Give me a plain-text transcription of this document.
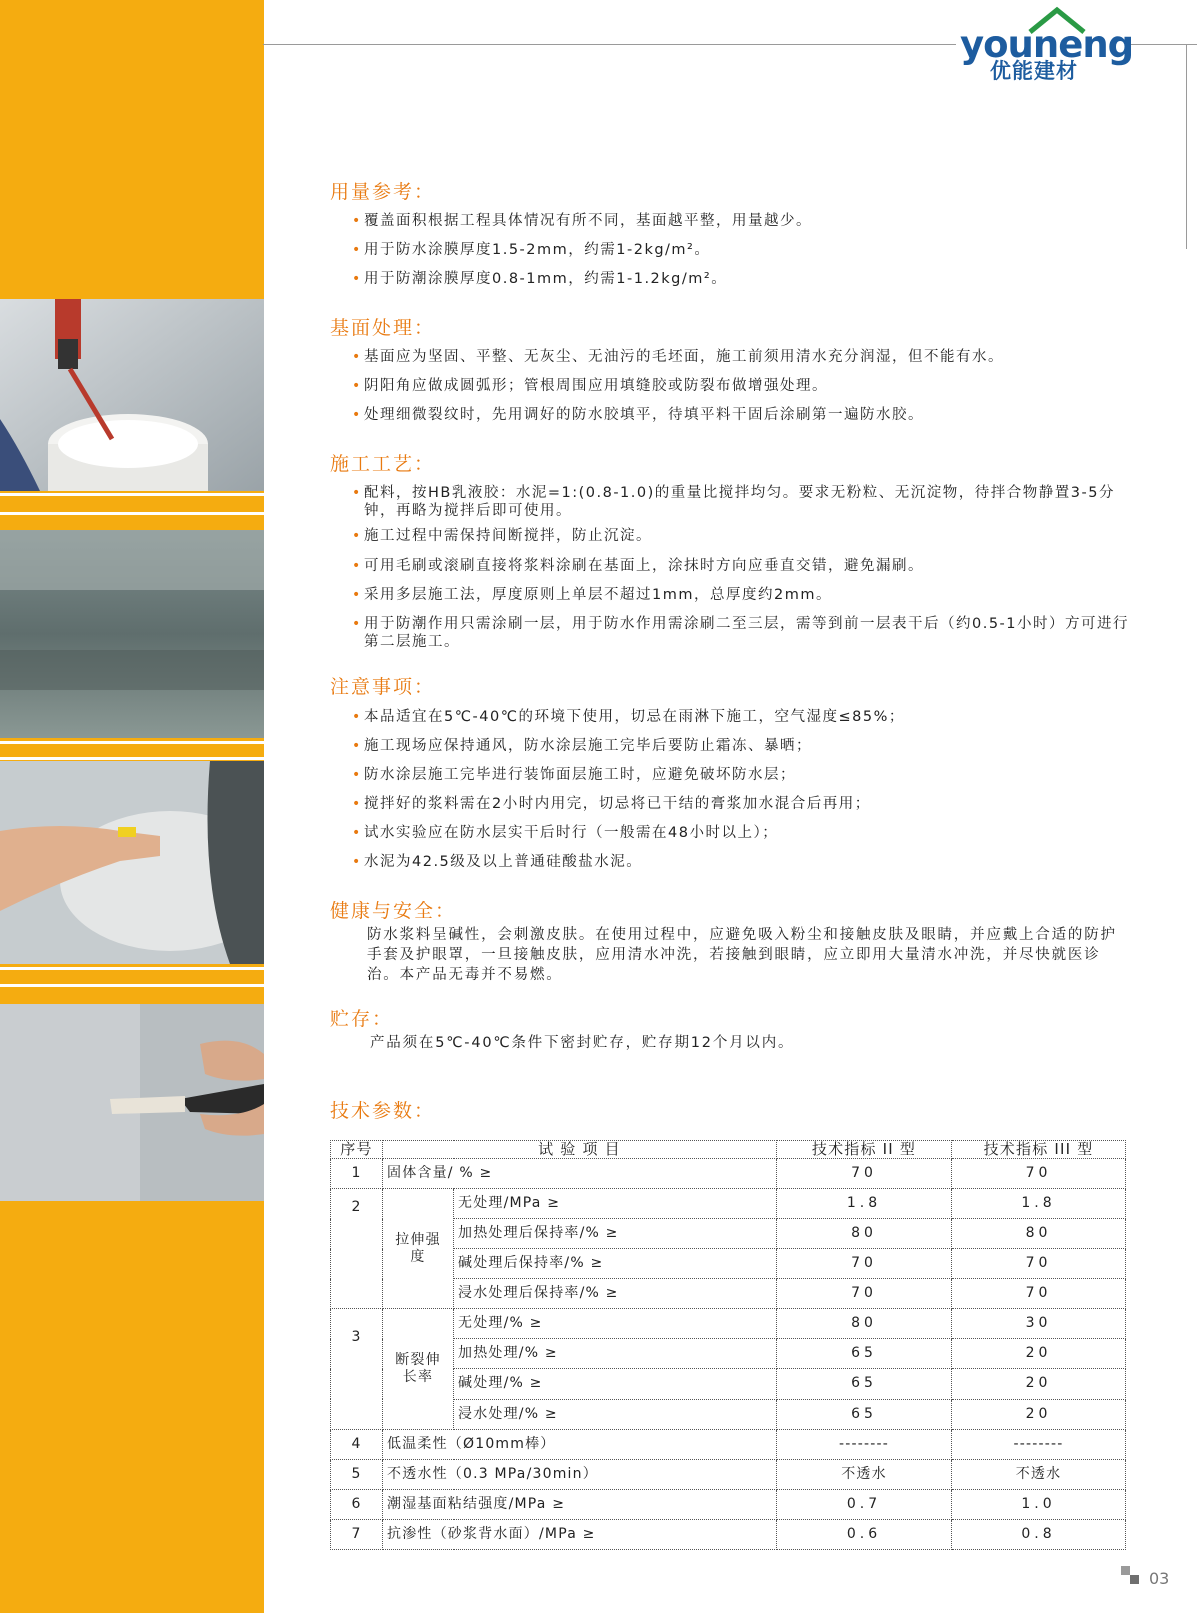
youneng
优能建材
用量参考：
• 覆盖面积根据工程具体情况有所不同，基面越平整，用量越少。
• 用于防水涂膜厚度1.5-2mm，约需1-2kg/m²。
• 用于防潮涂膜厚度0.8-1mm，约需1-1.2kg/m²。
基面处理：
• 基面应为坚固、平整、无灰尘、无油污的毛坯面，施工前须用清水充分润湿，但不能有水。
• 阴阳角应做成圆弧形；管根周围应用填缝胶或防裂布做增强处理。
• 处理细微裂纹时，先用调好的防水胶填平，待填平料干固后涂刷第一遍防水胶。
施工工艺：
• 配料，按HB乳液胶：水泥=1:(0.8-1.0)的重量比搅拌均匀。要求无粉粒、无沉淀物，待拌合物静置3-5分钟，再略为搅拌后即可使用。
• 施工过程中需保持间断搅拌，防止沉淀。
• 可用毛刷或滚刷直接将浆料涂刷在基面上，涂抹时方向应垂直交错，避免漏刷。
• 采用多层施工法，厚度原则上单层不超过1mm，总厚度约2mm。
• 用于防潮作用只需涂刷一层，用于防水作用需涂刷二至三层，需等到前一层表干后（约0.5-1小时）方可进行第二层施工。
注意事项：
• 本品适宜在5℃-40℃的环境下使用，切忌在雨淋下施工，空气湿度≤85%；
• 施工现场应保持通风，防水涂层施工完毕后要防止霜冻、暴晒；
• 防水涂层施工完毕进行装饰面层施工时，应避免破坏防水层；
• 搅拌好的浆料需在2小时内用完，切忌将已干结的膏浆加水混合后再用；
• 试水实验应在防水层实干后时行（一般需在48小时以上）；
• 水泥为42.5级及以上普通硅酸盐水泥。
健康与安全：
防水浆料呈碱性，会刺激皮肤。在使用过程中，应避免吸入粉尘和接触皮肤及眼睛，并应戴上合适的防护手套及护眼罩，一旦接触皮肤，应用清水冲洗，若接触到眼睛，应立即用大量清水冲洗，并尽快就医诊治。本产品无毒并不易燃。
贮存：
产品须在5℃-40℃条件下密封贮存，贮存期12个月以内。
技术参数：
序号	试 验 项 目		技术指标 II 型	技术指标 III 型
1	固体含量/ % ≥		70	70
2	拉伸强度	无处理/MPa ≥	1.8	1.8
		加热处理后保持率/% ≥	80	80
		碱处理后保持率/% ≥	70	70
		浸水处理后保持率/% ≥	70	70
3	断裂伸长率	无处理/% ≥	80	30
		加热处理/% ≥	65	20
		碱处理/% ≥	65	20
		浸水处理/% ≥	65	20
4	低温柔性（Ø10mm棒）		--------	--------
5	不透水性（0.3 MPa/30min）		不透水	不透水
6	潮湿基面粘结强度/MPa ≥		0.7	1.0
7	抗渗性（砂浆背水面）/MPa ≥		0.6	0.8
03
